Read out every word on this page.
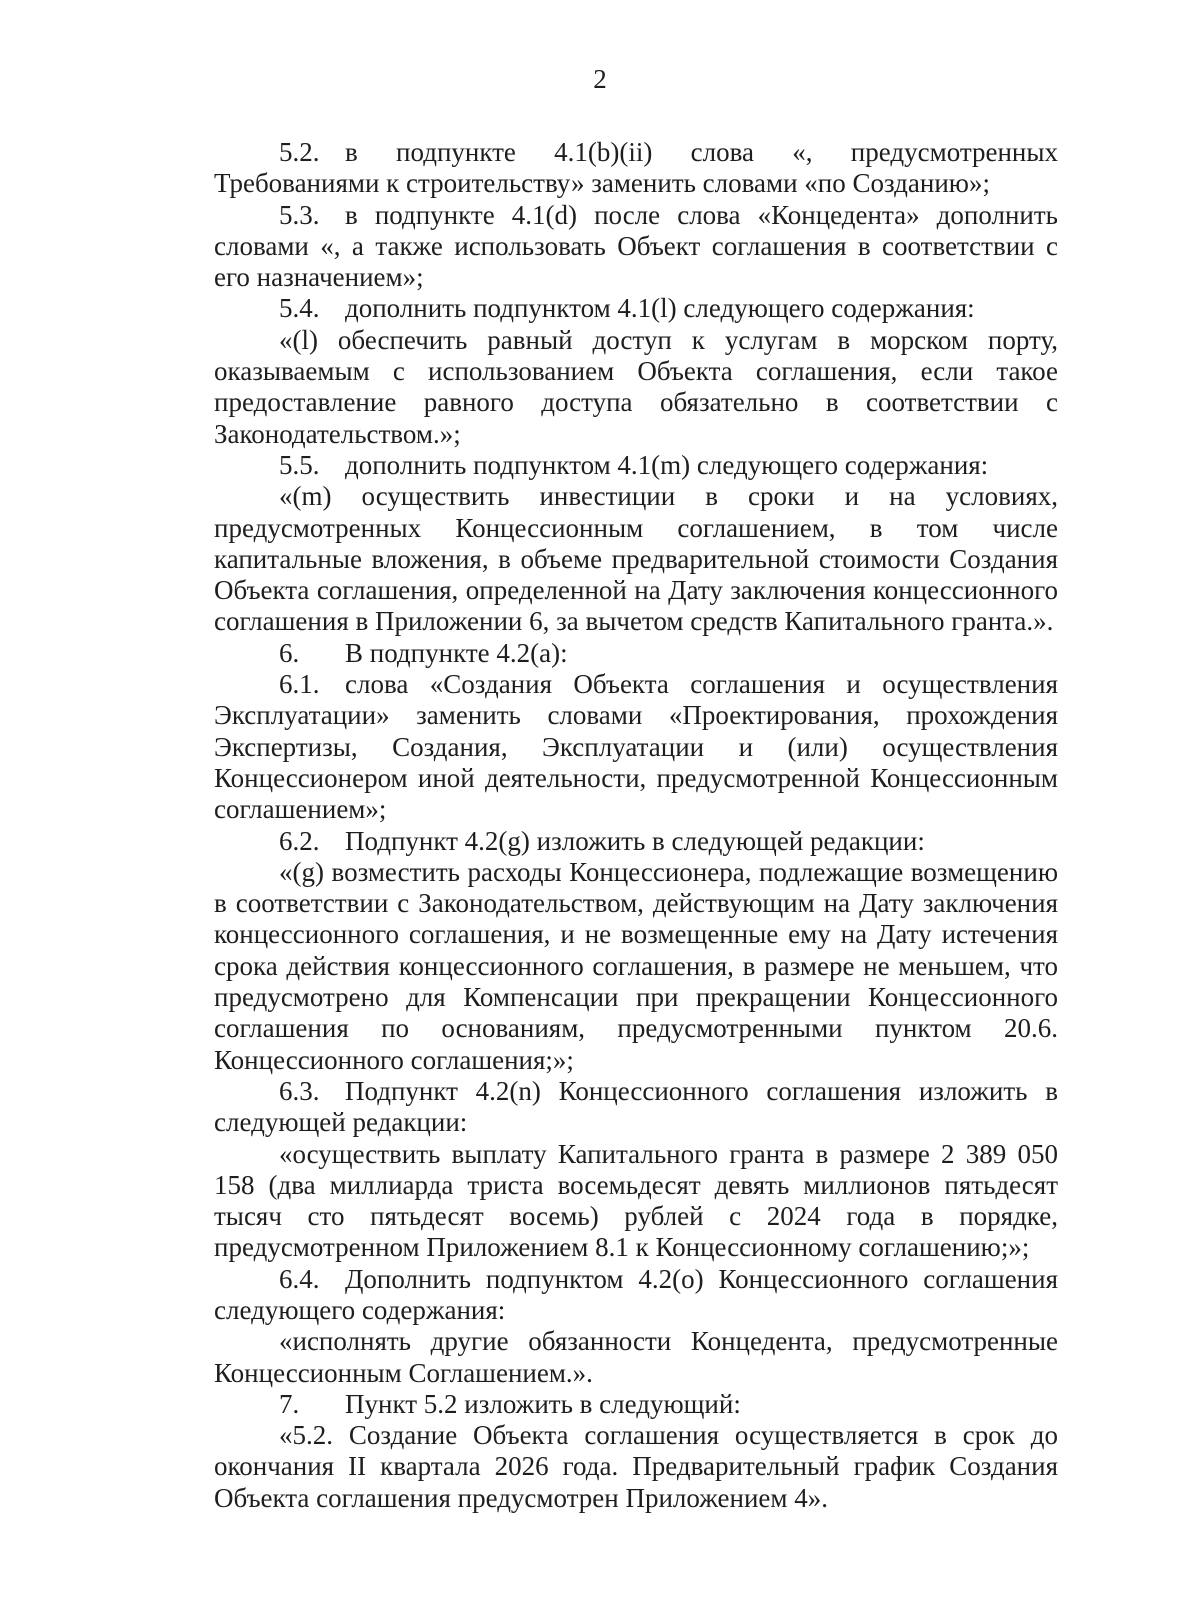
2

5.2. в подпункте 4.1(b)(ii) слова «, предусмотренных Требованиями к строительству» заменить словами «по Созданию»;

5.3. в подпункте 4.1(d) после слова «Концедента» дополнить словами «, а также использовать Объект соглашения в соответствии с его назначением»;

5.4. дополнить подпунктом 4.1(l) следующего содержания:

«(l) обеспечить равный доступ к услугам в морском порту, оказываемым с использованием Объекта соглашения, если такое предоставление равного доступа обязательно в соответствии с Законодательством.»;

5.5. дополнить подпунктом 4.1(m) следующего содержания:

«(m) осуществить инвестиции в сроки и на условиях, предусмотренных Концессионным соглашением, в том числе капитальные вложения, в объеме предварительной стоимости Создания Объекта соглашения, определенной на Дату заключения концессионного соглашения в Приложении 6, за вычетом средств Капитального гранта.».

6. В подпункте 4.2(a):

6.1. слова «Создания Объекта соглашения и осуществления Эксплуатации» заменить словами «Проектирования, прохождения Экспертизы, Создания, Эксплуатации и (или) осуществления Концессионером иной деятельности, предусмотренной Концессионным соглашением»;

6.2. Подпункт 4.2(g) изложить в следующей редакции:

«(g) возместить расходы Концессионера, подлежащие возмещению в соответствии с Законодательством, действующим на Дату заключения концессионного соглашения, и не возмещенные ему на Дату истечения срока действия концессионного соглашения, в размере не меньшем, что предусмотрено для Компенсации при прекращении Концессионного соглашения по основаниям, предусмотренными пунктом 20.6. Концессионного соглашения;»;

6.3. Подпункт 4.2(n) Концессионного соглашения изложить в следующей редакции:

«осуществить выплату Капитального гранта в размере 2 389 050 158 (два миллиарда триста восемьдесят девять миллионов пятьдесят тысяч сто пятьдесят восемь) рублей с 2024 года в порядке, предусмотренном Приложением 8.1 к Концессионному соглашению;»;

6.4. Дополнить подпунктом 4.2(o) Концессионного соглашения следующего содержания:

«исполнять другие обязанности Концедента, предусмотренные Концессионным Соглашением.».

7. Пункт 5.2 изложить в следующий:

«5.2. Создание Объекта соглашения осуществляется в срок до окончания II квартала 2026 года. Предварительный график Создания Объекта соглашения предусмотрен Приложением 4».
